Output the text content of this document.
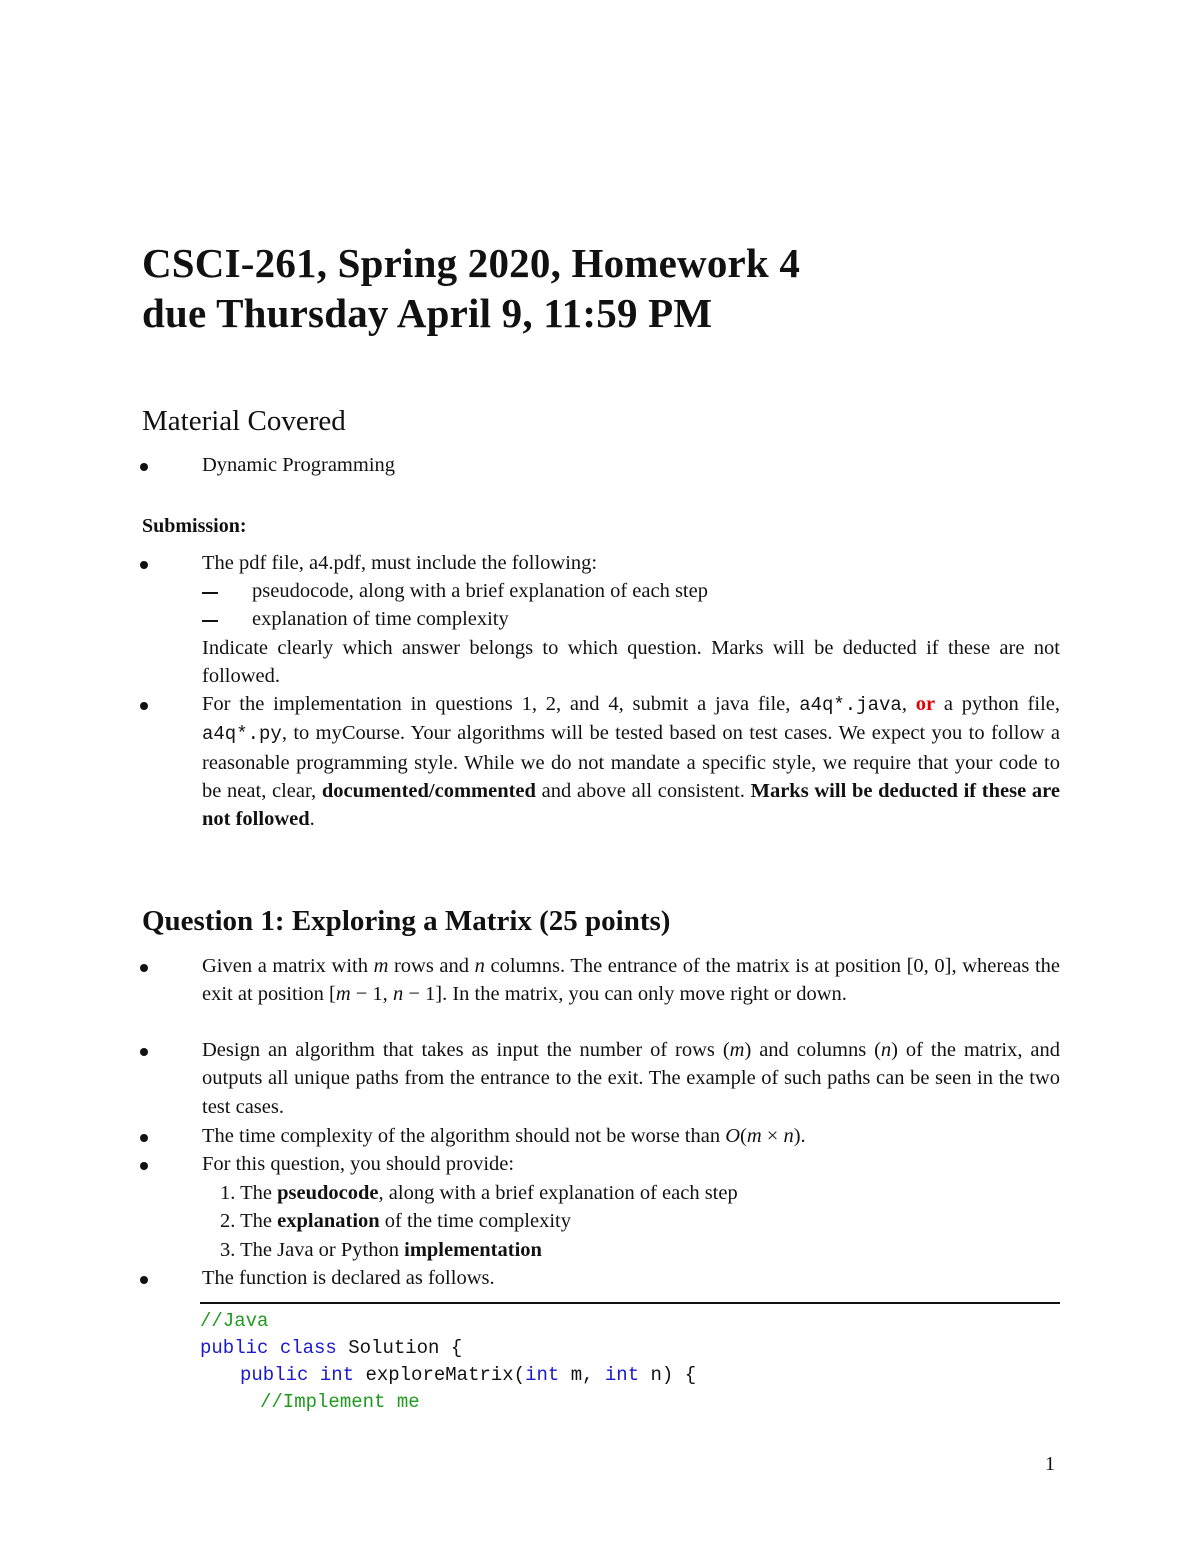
CSCI-261, Spring 2020, Homework 4
due Thursday April 9, 11:59 PM
Material Covered
Dynamic Programming
Submission:
The pdf file, a4.pdf, must include the following:
pseudocode, along with a brief explanation of each step
explanation of time complexity

Indicate clearly which answer belongs to which question. Marks will be deducted if these are not followed.

For the implementation in questions 1, 2, and 4, submit a java file, a4q*.java, or a python file, a4q*.py, to myCourse. Your algorithms will be tested based on test cases. We expect you to follow a reasonable programming style. While we do not mandate a specific style, we require that your code to be neat, clear, documented/commented and above all consistent. Marks will be deducted if these are not followed.

Question 1: Exploring a Matrix (25 points)

Given a matrix with m rows and n columns. The entrance of the matrix is at position [0, 0], whereas the exit at position [m − 1, n − 1]. In the matrix, you can only move right or down.

Design an algorithm that takes as input the number of rows (m) and columns (n) of the matrix, and outputs all unique paths from the entrance to the exit. The example of such paths can be seen in the two test cases.

The time complexity of the algorithm should not be worse than O(m × n).
For this question, you should provide:
1. The pseudocode, along with a brief explanation of each step
2. The explanation of the time complexity
3. The Java or Python implementation
The function is declared as follows.
//Java
public class Solution {
public int exploreMatrix(int m, int n) {
//Implement me
1
